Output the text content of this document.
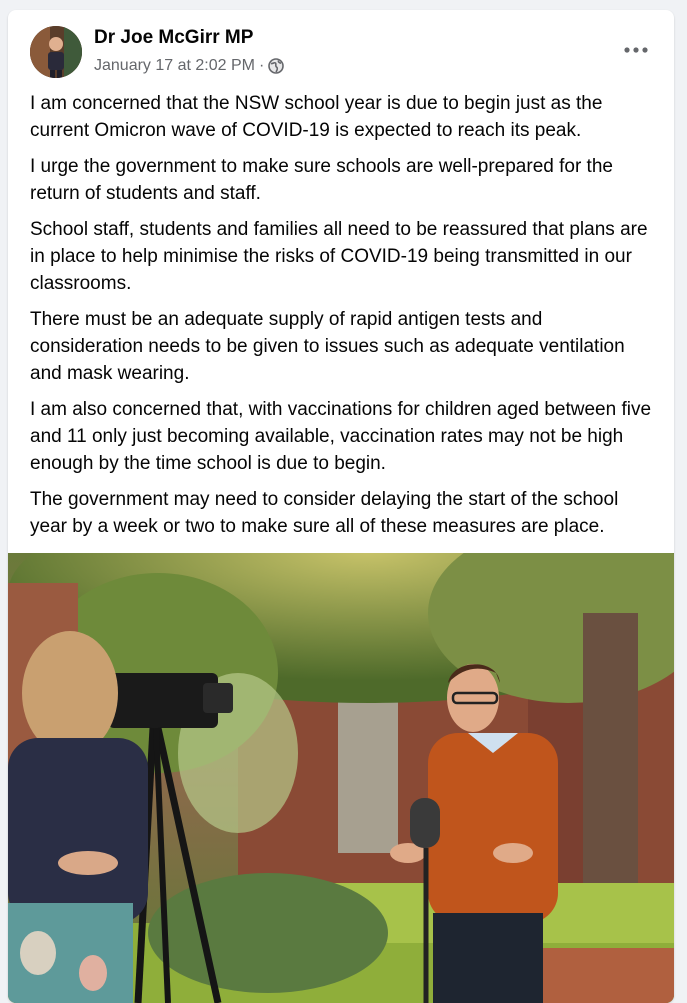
Dr Joe McGirr MP
January 17 at 2:02 PM ·

I am concerned that the NSW school year is due to begin just as the current Omicron wave of COVID-19 is expected to reach its peak.

I urge the government to make sure schools are well-prepared for the return of students and staff.

School staff, students and families all need to be reassured that plans are in place to help minimise the risks of COVID-19 being transmitted in our classrooms.

There must be an adequate supply of rapid antigen tests and consideration needs to be given to issues such as adequate ventilation and mask wearing.

I am also concerned that, with vaccinations for children aged between five and 11 only just becoming available, vaccination rates may not be high enough by the time school is due to begin.

The government may need to consider delaying the start of the school year by a week or two to make sure all of these measures are place.
